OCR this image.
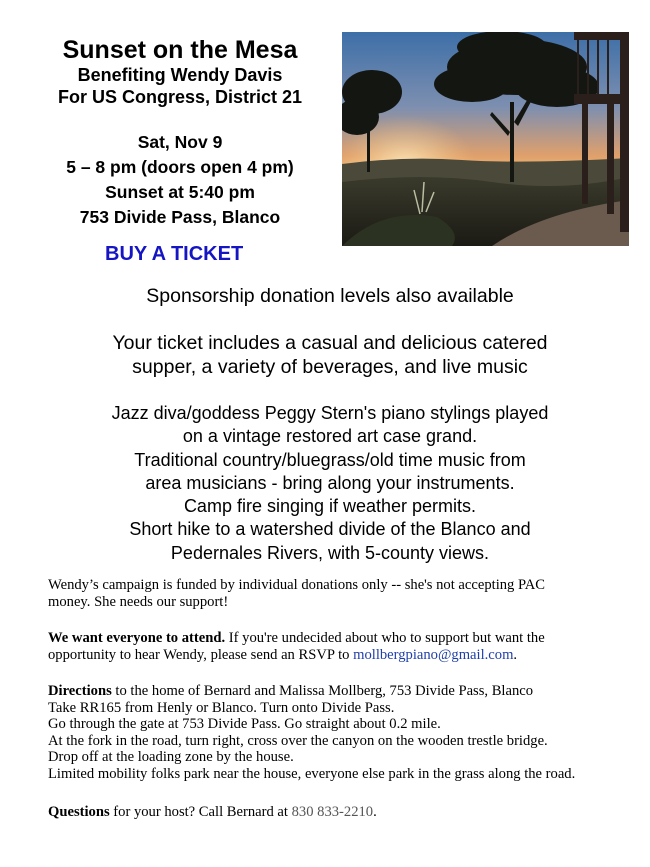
Sunset on the Mesa
Benefiting Wendy Davis
For US Congress, District 21
Sat, Nov 9
5 – 8 pm (doors open 4 pm)
Sunset at 5:40 pm
753 Divide Pass, Blanco
BUY A TICKET
Sponsorship donation levels also available
Your ticket includes a casual and delicious catered
supper, a variety of beverages, and live music
Jazz diva/goddess Peggy Stern's piano stylings played
on a vintage restored art case grand.
Traditional country/bluegrass/old time music from
area musicians - bring along your instruments.
Camp fire singing if weather permits.
Short hike to a watershed divide of the Blanco and
Pedernales Rivers, with 5-county views.
Wendy’s campaign is funded by individual donations only -- she's not accepting PAC
money. She needs our support!
We want everyone to attend. If you're undecided about who to support but want the
opportunity to hear Wendy, please send an RSVP to mollbergpiano@gmail.com.
Directions to the home of Bernard and Malissa Mollberg, 753 Divide Pass, Blanco
Take RR165 from Henly or Blanco. Turn onto Divide Pass.
Go through the gate at 753 Divide Pass. Go straight about 0.2 mile.
At the fork in the road, turn right, cross over the canyon on the wooden trestle bridge.
Drop off at the loading zone by the house.
Limited mobility folks park near the house, everyone else park in the grass along the road.
Questions for your host? Call Bernard at 830 833-2210.
